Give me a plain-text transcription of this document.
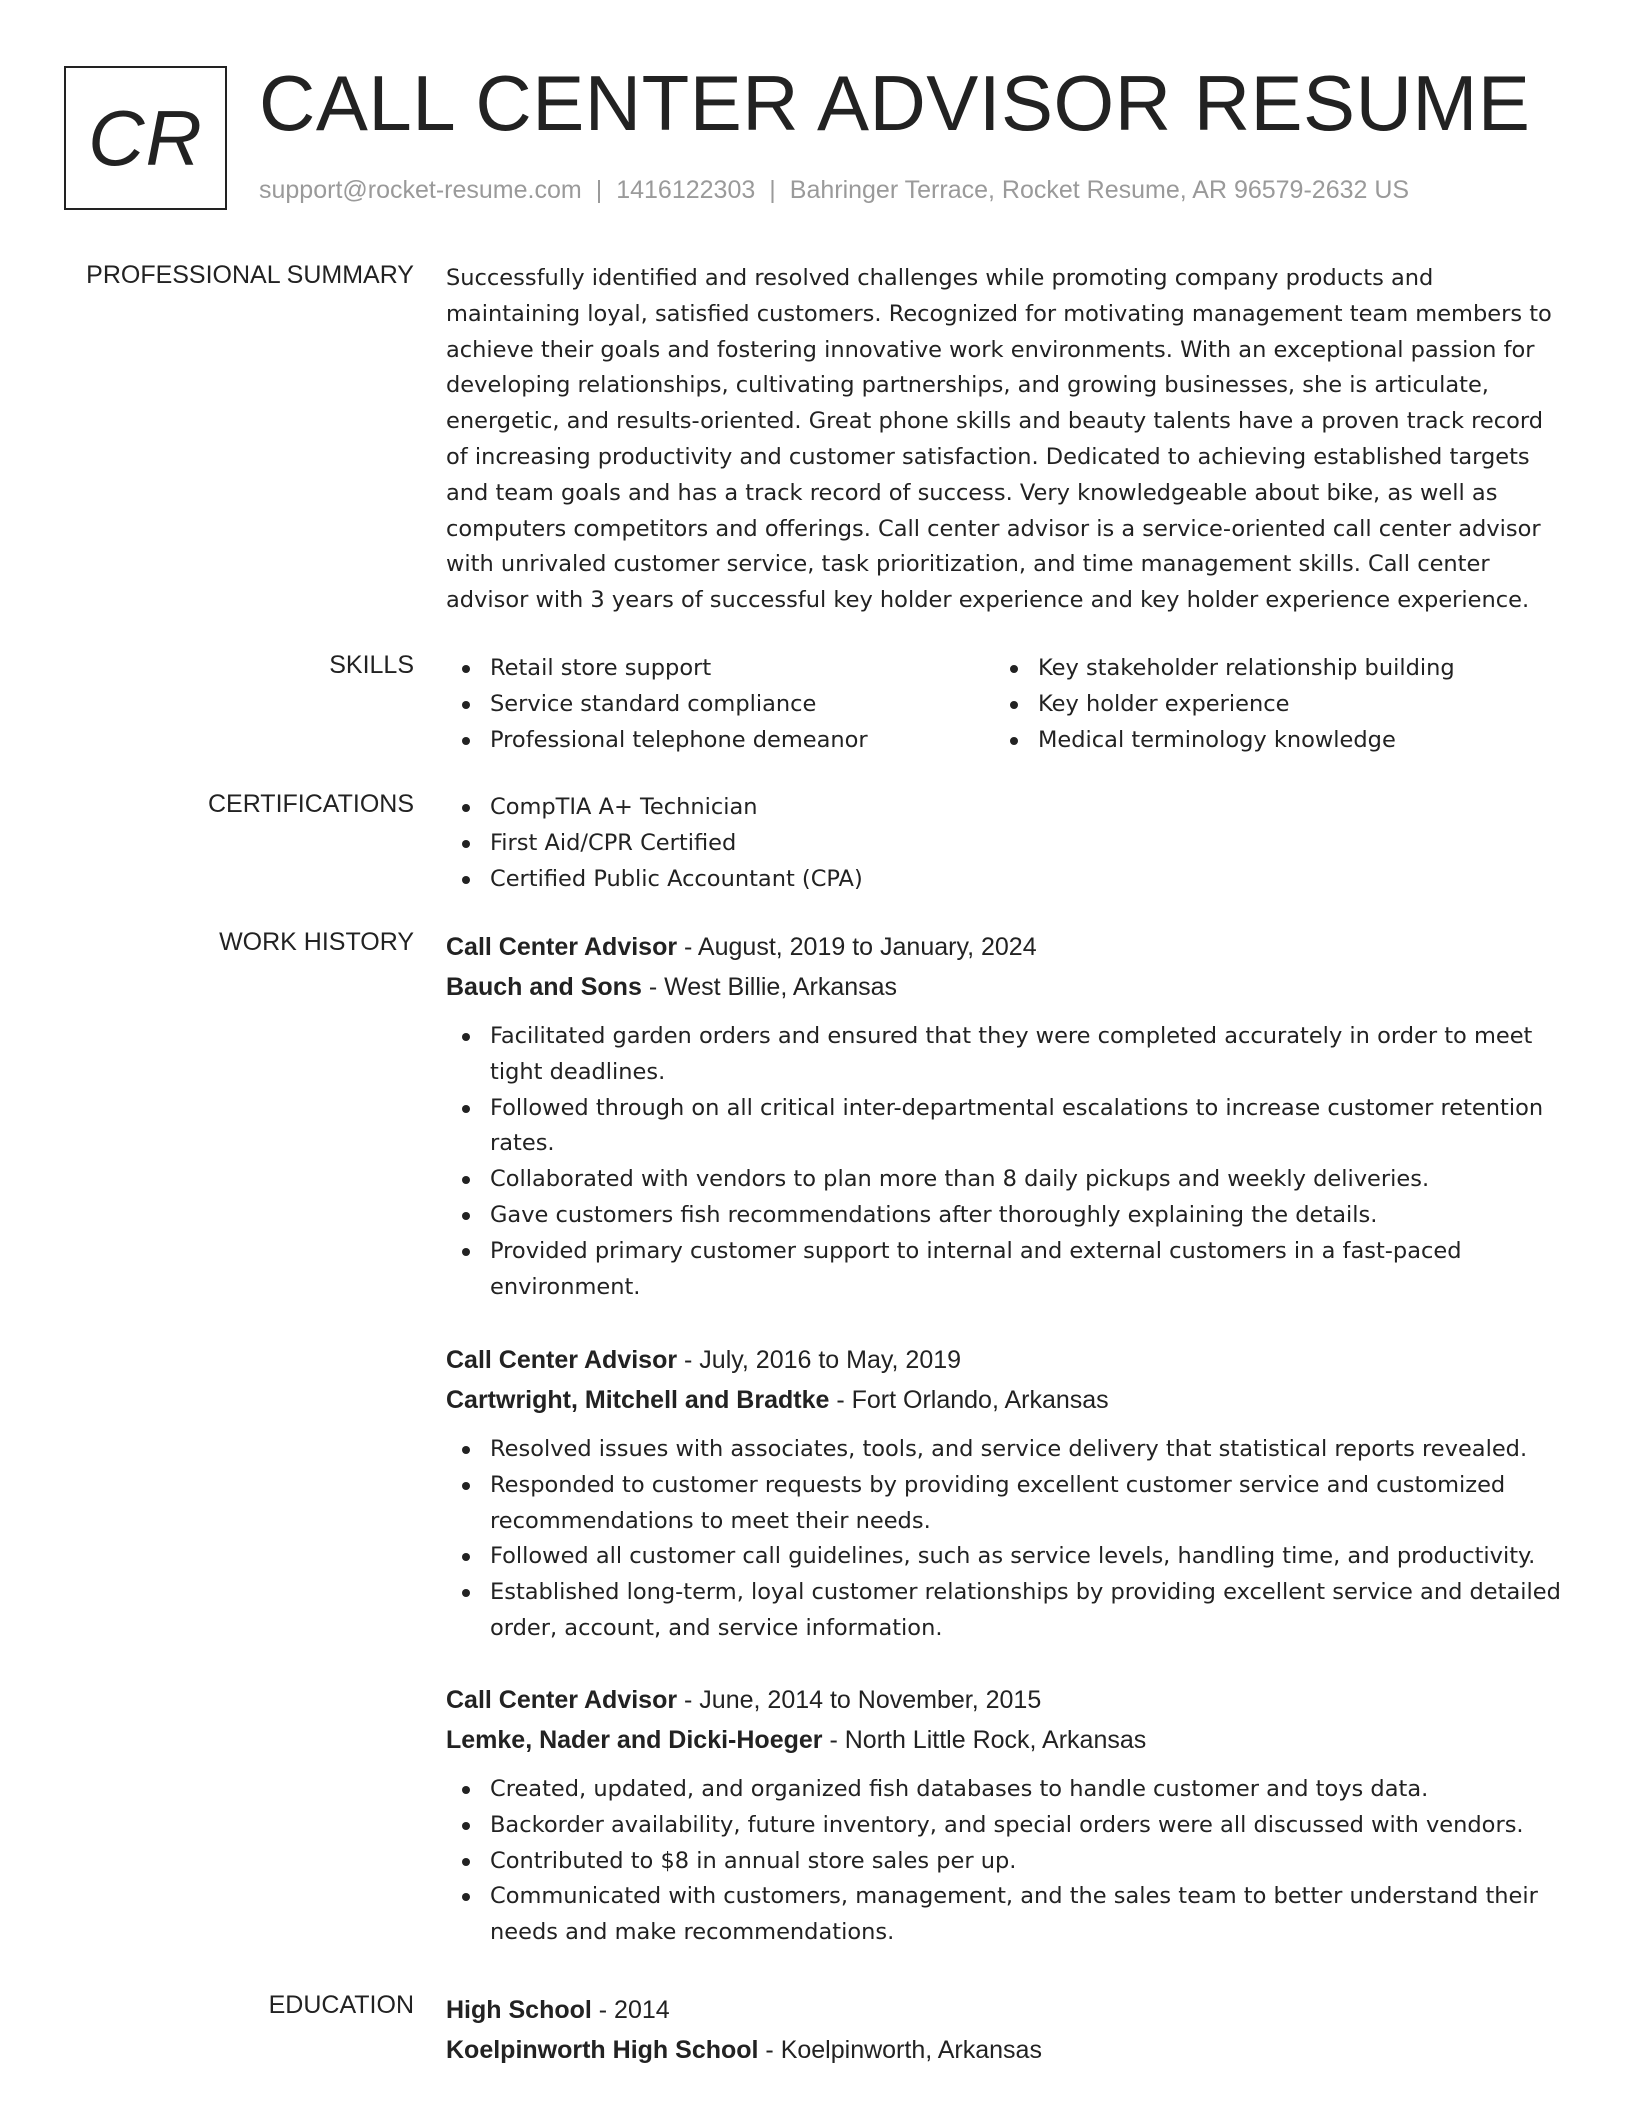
CR CALL CENTER ADVISOR RESUME
support@rocket-resume.com | 1416122303 | Bahringer Terrace, Rocket Resume, AR 96579-2632 US
PROFESSIONAL SUMMARY Successfully identified and resolved challenges while promoting company products and maintaining loyal, satisfied customers. Recognized for motivating management team members to achieve their goals and fostering innovative work environments. With an exceptional passion for developing relationships, cultivating partnerships, and growing businesses, she is articulate, energetic, and results-oriented. Great phone skills and beauty talents have a proven track record of increasing productivity and customer satisfaction. Dedicated to achieving established targets and team goals and has a track record of success. Very knowledgeable about bike, as well as computers competitors and offerings. Call center advisor is a service-oriented call center advisor with unrivaled customer service, task prioritization, and time management skills. Call center advisor with 3 years of successful key holder experience and key holder experience experience.
SKILLS	Retail store support
Service standard compliance
Professional telephone demeanor
Key stakeholder relationship building
Key holder experience
Medical terminology knowledge
CERTIFICATIONS	CompTIA A+ Technician
First Aid/CPR Certified
Certified Public Accountant (CPA)
WORK HISTORY Call Center Advisor - August, 2019 to January, 2024
Bauch and Sons - West Billie, Arkansas
Facilitated garden orders and ensured that they were completed accurately in order to meet tight deadlines.
Followed through on all critical inter-departmental escalations to increase customer retention rates.
Collaborated with vendors to plan more than 8 daily pickups and weekly deliveries.
Gave customers fish recommendations after thoroughly explaining the details.
Provided primary customer support to internal and external customers in a fast-paced environment.
Call Center Advisor - July, 2016 to May, 2019
Cartwright, Mitchell and Bradtke - Fort Orlando, Arkansas
Resolved issues with associates, tools, and service delivery that statistical reports revealed.
Responded to customer requests by providing excellent customer service and customized recommendations to meet their needs.
Followed all customer call guidelines, such as service levels, handling time, and productivity.
Established long-term, loyal customer relationships by providing excellent service and detailed order, account, and service information.
Call Center Advisor - June, 2014 to November, 2015
Lemke, Nader and Dicki-Hoeger - North Little Rock, Arkansas
Created, updated, and organized fish databases to handle customer and toys data.
Backorder availability, future inventory, and special orders were all discussed with vendors.
Contributed to $8 in annual store sales per up.
Communicated with customers, management, and the sales team to better understand their needs and make recommendations.
EDUCATION High School - 2014
Koelpinworth High School - Koelpinworth, Arkansas
